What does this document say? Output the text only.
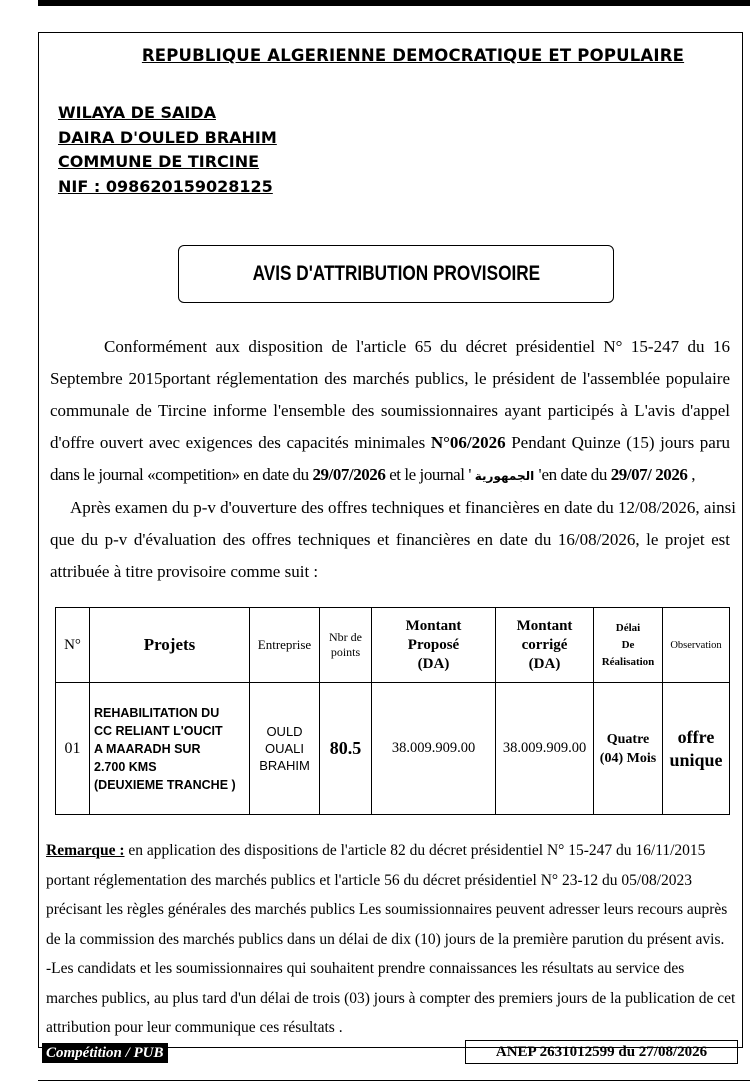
REPUBLIQUE ALGERIENNE DEMOCRATIQUE ET POPULAIRE
WILAYA DE SAIDA
DAIRA D'OULED BRAHIM
COMMUNE DE TIRCINE
NIF : 098620159028125
AVIS D'ATTRIBUTION PROVISOIRE
Conformément aux disposition de l'article 65 du décret présidentiel N° 15-247 du 16
Septembre 2015portant réglementation des marchés publics, le président de l'assemblée populaire
communale de Tircine informe l'ensemble des soumissionnaires ayant participés à L'avis d'appel
d'offre ouvert avec exigences des capacités minimales N°06/2026 Pendant Quinze (15) jours paru
dans le journal «competition» en date du 29/07/2026 et le journal ' الجمهورية 'en date du 29/07/ 2026 ,
Après examen du p-v d'ouverture des offres techniques et financières en date du 12/08/2026, ainsi
que du p-v d'évaluation des offres techniques et financières en date du 16/08/2026, le projet est
attribuée à titre provisoire comme suit :
N°	Projets	Entreprise	Nbr de
points	Montant
Proposé
(DA)	Montant
corrigé
(DA)	Délai
De
Réalisation	Observation
01	REHABILITATION DU
CC RELIANT L'OUCIT
A MAARADH SUR
2.700 KMS
(DEUXIEME TRANCHE )	OULD
OUALI
BRAHIM	80.5	38.009.909.00	38.009.909.00	Quatre
(04) Mois	offre
unique
Remarque : en application des dispositions de l'article 82 du décret présidentiel N° 15-247 du 16/11/2015
portant réglementation des marchés publics et l'article 56 du décret présidentiel N° 23-12 du 05/08/2023
précisant les règles générales des marchés publics Les soumissionnaires peuvent adresser leurs recours auprès
de la commission des marchés publics dans un délai de dix (10) jours de la première parution du présent avis.
-Les candidats et les soumissionnaires qui souhaitent prendre connaissances les résultats au service des
marches publics, au plus tard d'un délai de trois (03) jours à compter des premiers jours de la publication de cet
attribution pour leur communique ces résultats .
Compétition / PUB	ANEP 2631012599 du 27/08/2026
